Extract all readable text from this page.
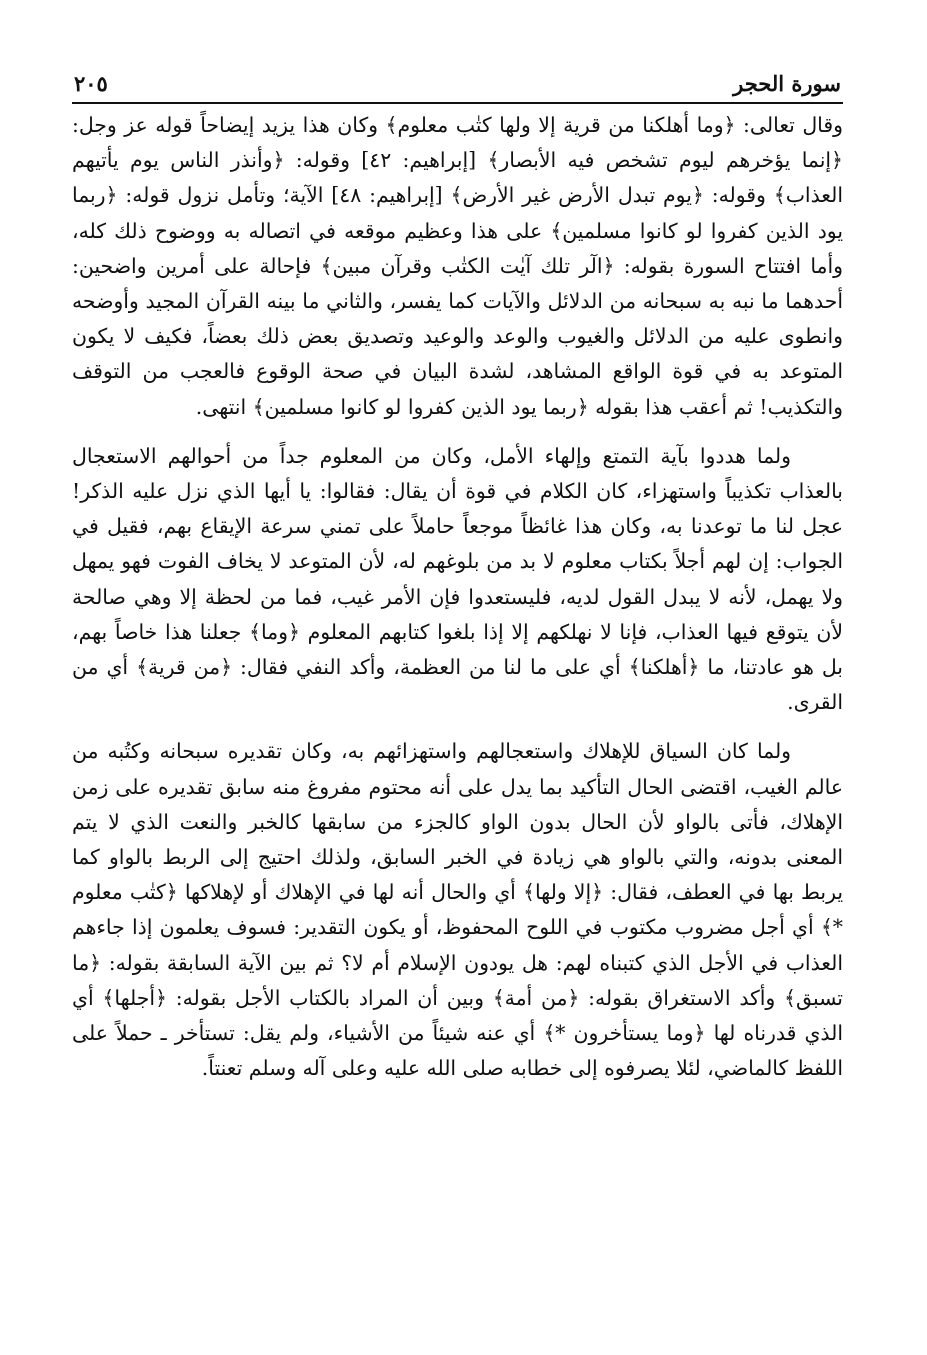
سورة الحجر
٢٠٥

وقال تعالى: ﴿وما أهلكنا من قرية إلا ولها كتٰب معلوم﴾ وكان هذا يزيد إيضاحاً قوله عز وجل: ﴿إنما يؤخرهم ليوم تشخص فيه الأبصار﴾ [إبراهيم: ٤٢] وقوله: ﴿وأنذر الناس يوم يأتيهم العذاب﴾ وقوله: ﴿يوم تبدل الأرض غير الأرض﴾ [إبراهيم: ٤٨] الآية؛ وتأمل نزول قوله: ﴿ربما يود الذين كفروا لو كانوا مسلمين﴾ على هذا وعظيم موقعه في اتصاله به ووضوح ذلك كله، وأما افتتاح السورة بقوله: ﴿الٓر تلك آيٰت الكتٰب وقرآن مبين﴾ فإحالة على أمرين واضحين: أحدهما ما نبه به سبحانه من الدلائل والآيات كما يفسر، والثاني ما بينه القرآن المجيد وأوضحه وانطوى عليه من الدلائل والغيوب والوعد والوعيد وتصديق بعض ذلك بعضاً، فكيف لا يكون المتوعد به في قوة الواقع المشاهد، لشدة البيان في صحة الوقوع فالعجب من التوقف والتكذيب! ثم أعقب هذا بقوله ﴿ربما يود الذين كفروا لو كانوا مسلمين﴾ انتهى.

ولما هددوا بآية التمتع وإلهاء الأمل، وكان من المعلوم جداً من أحوالهم الاستعجال بالعذاب تكذيباً واستهزاء، كان الكلام في قوة أن يقال: فقالوا: يا أيها الذي نزل عليه الذكر! عجل لنا ما توعدنا به، وكان هذا غائظاً موجعاً حاملاً على تمني سرعة الإيقاع بهم، فقيل في الجواب: إن لهم أجلاً بكتاب معلوم لا بد من بلوغهم له، لأن المتوعد لا يخاف الفوت فهو يمهل ولا يهمل، لأنه لا يبدل القول لديه، فليستعدوا فإن الأمر غيب، فما من لحظة إلا وهي صالحة لأن يتوقع فيها العذاب، فإنا لا نهلكهم إلا إذا بلغوا كتابهم المعلوم ﴿وما﴾ جعلنا هذا خاصاً بهم، بل هو عادتنا، ما ﴿أهلكنا﴾ أي على ما لنا من العظمة، وأكد النفي فقال: ﴿من قرية﴾ أي من القرى.

ولما كان السياق للإهلاك واستعجالهم واستهزائهم به، وكان تقديره سبحانه وكتُبه من عالم الغيب، اقتضى الحال التأكيد بما يدل على أنه محتوم مفروغ منه سابق تقديره على زمن الإهلاك، فأتى بالواو لأن الحال بدون الواو كالجزء من سابقها كالخبر والنعت الذي لا يتم المعنى بدونه، والتي بالواو هي زيادة في الخبر السابق، ولذلك احتيج إلى الربط بالواو كما يربط بها في العطف، فقال: ﴿إلا ولها﴾ أي والحال أنه لها في الإهلاك أو لإهلاكها ﴿كتٰب معلوم *﴾ أي أجل مضروب مكتوب في اللوح المحفوظ، أو يكون التقدير: فسوف يعلمون إذا جاءهم العذاب في الأجل الذي كتبناه لهم: هل يودون الإسلام أم لا؟ ثم بين الآية السابقة بقوله: ﴿ما تسبق﴾ وأكد الاستغراق بقوله: ﴿من أمة﴾ وبين أن المراد بالكتاب الأجل بقوله: ﴿أجلها﴾ أي الذي قدرناه لها ﴿وما يستأخرون *﴾ أي عنه شيئاً من الأشياء، ولم يقل: تستأخر ـ حملاً على اللفظ كالماضي، لئلا يصرفوه إلى خطابه صلى الله عليه وعلى آله وسلم تعنتاً.
